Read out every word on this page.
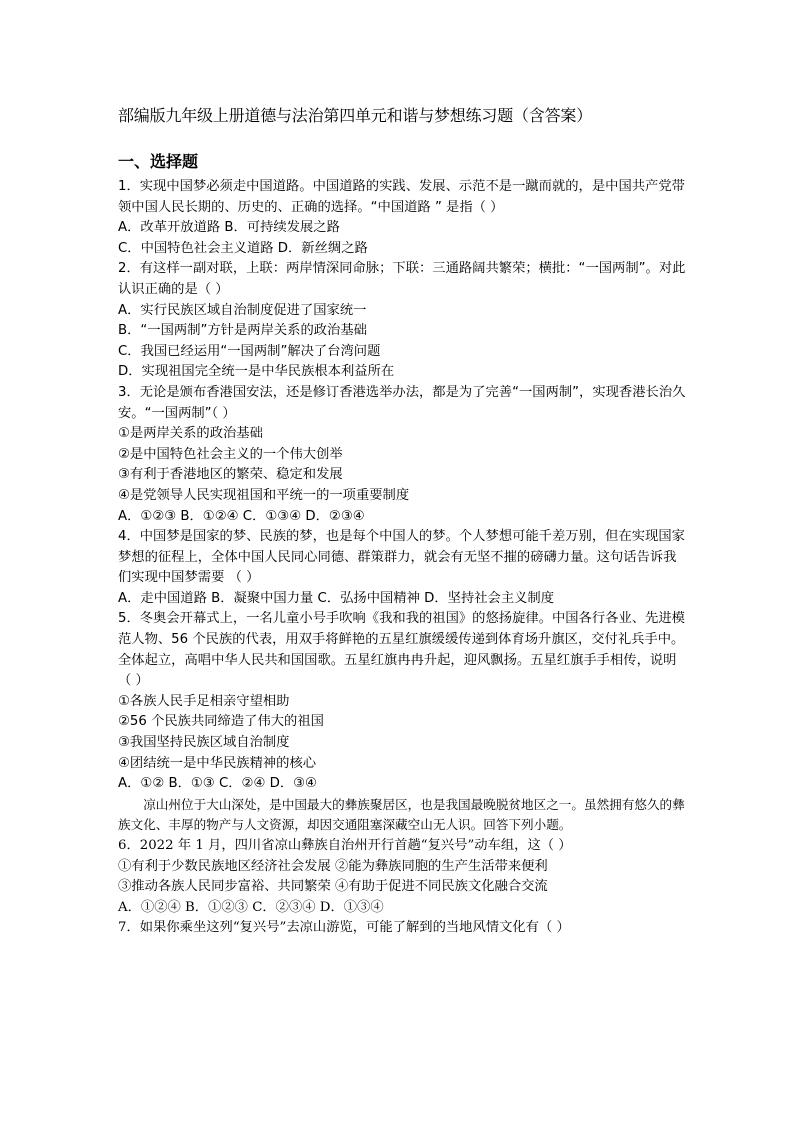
部编版九年级上册道德与法治第四单元和谐与梦想练习题（含答案）
一、选择题
1．实现中国梦必须走中国道路。中国道路的实践、发展、示范不是一蹴而就的，是中国共产党带领中国人民长期的、历史的、正确的选择。“中国道路 ” 是指（ ）
A．改革开放道路 B．可持续发展之路
C．中国特色社会主义道路 D．新丝绸之路
2．有这样一副对联，上联：两岸情深同命脉；下联：三通路阔共繁荣；横批：“一国两制”。对此认识正确的是（ ）
A．实行民族区域自治制度促进了国家统一
B．“一国两制”方针是两岸关系的政治基础
C．我国已经运用“一国两制”解决了台湾问题
D．实现祖国完全统一是中华民族根本利益所在
3．无论是颁布香港国安法，还是修订香港选举办法，都是为了完善“一国两制”，实现香港长治久安。“一国两制”（ ）
①是两岸关系的政治基础
②是中国特色社会主义的一个伟大创举
③有利于香港地区的繁荣、稳定和发展
④是党领导人民实现祖国和平统一的一项重要制度
A．①②③ B．①②④ C．①③④ D．②③④
4．中国梦是国家的梦、民族的梦，也是每个中国人的梦。个人梦想可能千差万别，但在实现国家梦想的征程上，全体中国人民同心同德、群策群力，就会有无坚不摧的磅礴力量。这句话告诉我们实现中国梦需要 （ ）
A．走中国道路 B．凝聚中国力量 C．弘扬中国精神 D．坚持社会主义制度
5．冬奥会开幕式上，一名儿童小号手吹响《我和我的祖国》的悠扬旋律。中国各行各业、先进模范人物、56 个民族的代表，用双手将鲜艳的五星红旗缓缓传递到体育场升旗区，交付礼兵手中。全体起立，高唱中华人民共和国国歌。五星红旗冉冉升起，迎风飘扬。五星红旗手手相传，说明（ ）
①各族人民手足相亲守望相助
②56 个民族共同缔造了伟大的祖国
③我国坚持民族区域自治制度
④团结统一是中华民族精神的核心
A．①② B．①③ C．②④ D．③④
凉山州位于大山深处，是中国最大的彝族聚居区，也是我国最晚脱贫地区之一。虽然拥有悠久的彝族文化、丰厚的物产与人文资源，却因交通阻塞深藏空山无人识。回答下列小题。
6．2022 年 1 月，四川省凉山彝族自治州开行首趟“复兴号”动车组，这（ ）
①有利于少数民族地区经济社会发展 ②能为彝族同胞的生产生活带来便利
③推动各族人民同步富裕、共同繁荣 ④有助于促进不同民族文化融合交流
A．①②④ B．①②③ C．②③④ D．①③④
7．如果你乘坐这列“复兴号”去凉山游览，可能了解到的当地风情文化有（ ）
